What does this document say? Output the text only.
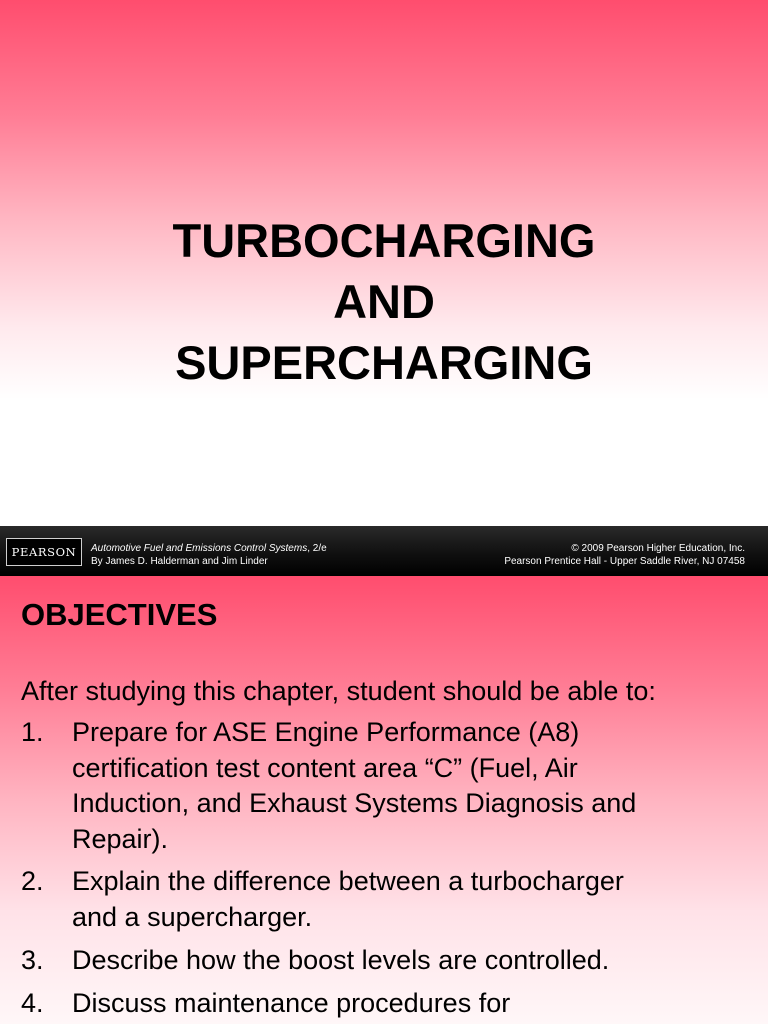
TURBOCHARGING
AND
SUPERCHARGING
PEARSON	Automotive Fuel and Emissions Control Systems, 2/e
By James D. Halderman and Jim Linder
© 2009 Pearson Higher Education, Inc.
Pearson Prentice Hall - Upper Saddle River, NJ 07458
OBJECTIVES
After studying this chapter, student should be able to:
1. Prepare for ASE Engine Performance (A8)
certification test content area “C” (Fuel, Air
Induction, and Exhaust Systems Diagnosis and
Repair).
2. Explain the difference between a turbocharger
and a supercharger.
3. Describe how the boost levels are controlled.
4. Discuss maintenance procedures for
